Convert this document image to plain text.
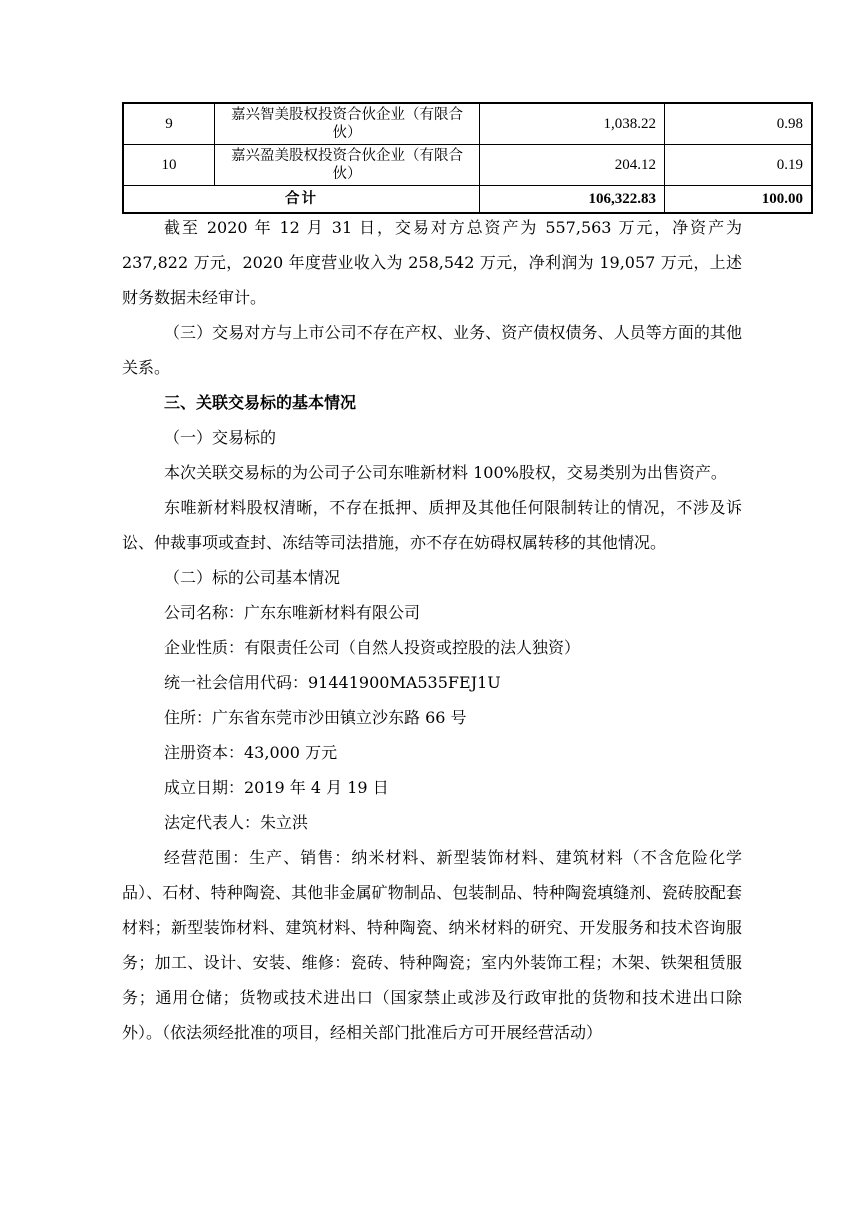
9	嘉兴智美股权投资合伙企业（有限合伙）	1,038.22	0.98
10	嘉兴盈美股权投资合伙企业（有限合伙）	204.12	0.19
合计		106,322.83	100.00

截至 2020 年 12 月 31 日，交易对方总资产为 557,563 万元，净资产为 237,822 万元，2020 年度营业收入为 258,542 万元，净利润为 19,057 万元，上述财务数据未经审计。

（三）交易对方与上市公司不存在产权、业务、资产债权债务、人员等方面的其他关系。

三、关联交易标的基本情况

（一）交易标的

本次关联交易标的为公司子公司东唯新材料 100%股权，交易类别为出售资产。

东唯新材料股权清晰，不存在抵押、质押及其他任何限制转让的情况，不涉及诉讼、仲裁事项或查封、冻结等司法措施，亦不存在妨碍权属转移的其他情况。

（二）标的公司基本情况

公司名称：广东东唯新材料有限公司

企业性质：有限责任公司（自然人投资或控股的法人独资）

统一社会信用代码：91441900MA535FEJ1U

住所：广东省东莞市沙田镇立沙东路 66 号

注册资本：43,000 万元

成立日期：2019 年 4 月 19 日

法定代表人：朱立洪

经营范围：生产、销售：纳米材料、新型装饰材料、建筑材料（不含危险化学品）、石材、特种陶瓷、其他非金属矿物制品、包装制品、特种陶瓷填缝剂、瓷砖胶配套材料；新型装饰材料、建筑材料、特种陶瓷、纳米材料的研究、开发服务和技术咨询服务；加工、设计、安装、维修：瓷砖、特种陶瓷；室内外装饰工程；木架、铁架租赁服务；通用仓储；货物或技术进出口（国家禁止或涉及行政审批的货物和技术进出口除外）。（依法须经批准的项目，经相关部门批准后方可开展经营活动）
